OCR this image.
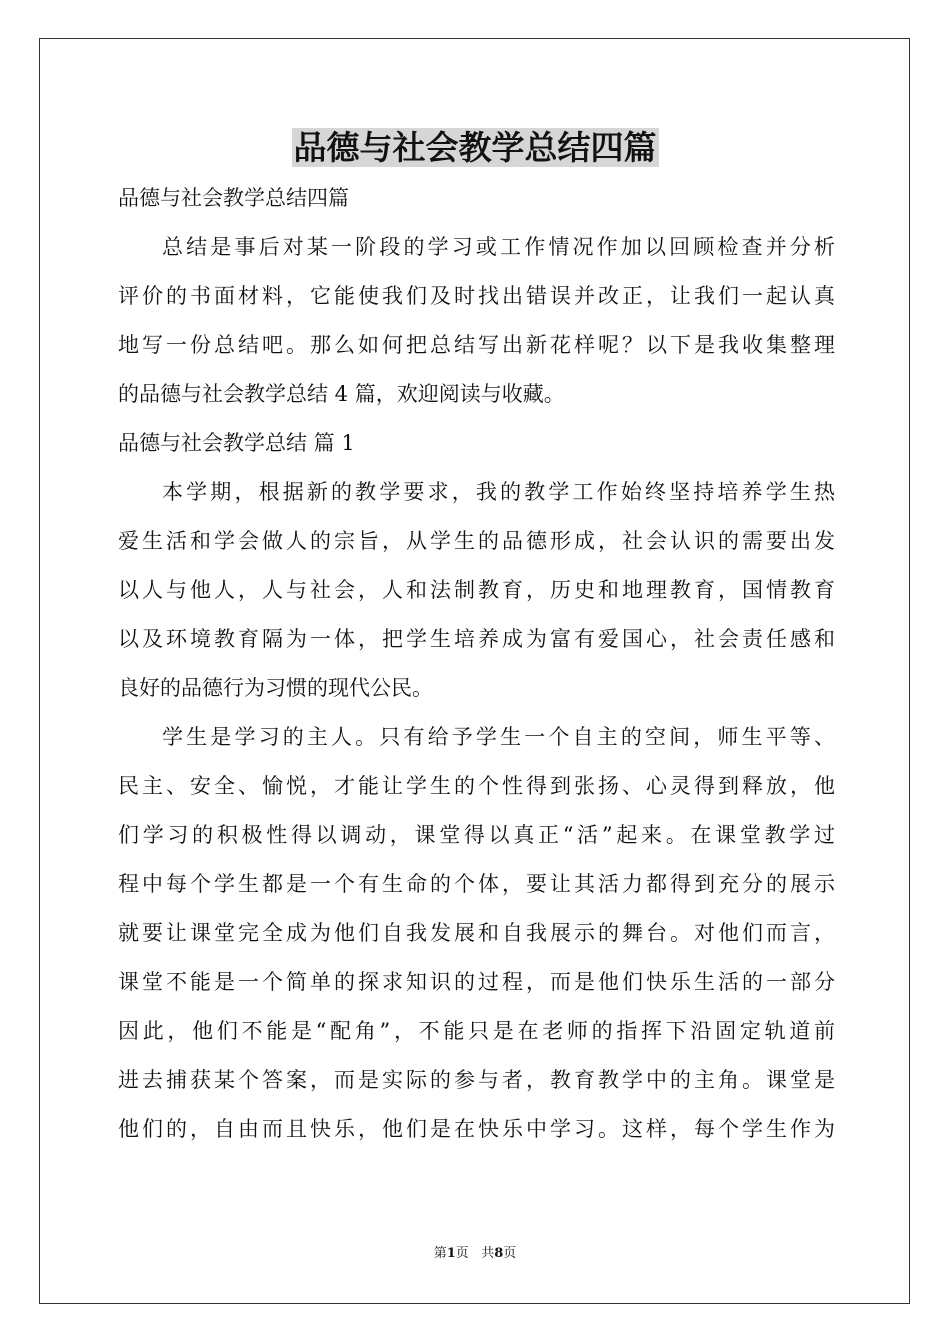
品德与社会教学总结四篇

品德与社会教学总结四篇

总结是事后对某一阶段的学习或工作情况作加以回顾检查并分析

评价的书面材料，它能使我们及时找出错误并改正，让我们一起认真

地写一份总结吧。那么如何把总结写出新花样呢？以下是我收集整理

的品德与社会教学总结 4 篇，欢迎阅读与收藏。

品德与社会教学总结 篇 1

本学期，根据新的教学要求，我的教学工作始终坚持培养学生热

爱生活和学会做人的宗旨，从学生的品德形成，社会认识的需要出发

以人与他人，人与社会，人和法制教育，历史和地理教育，国情教育

以及环境教育隔为一体，把学生培养成为富有爱国心，社会责任感和

良好的品德行为习惯的现代公民。

学生是学习的主人。只有给予学生一个自主的空间，师生平等、

民主、安全、愉悦，才能让学生的个性得到张扬、心灵得到释放，他

们学习的积极性得以调动，课堂得以真正“活”起来。在课堂教学过

程中每个学生都是一个有生命的个体，要让其活力都得到充分的展示

就要让课堂完全成为他们自我发展和自我展示的舞台。对他们而言，

课堂不能是一个简单的探求知识的过程，而是他们快乐生活的一部分

因此，他们不能是“配角”，不能只是在老师的指挥下沿固定轨道前

进去捕获某个答案，而是实际的参与者，教育教学中的主角。课堂是

他们的，自由而且快乐，他们是在快乐中学习。这样，每个学生作为

第1页 共8页
